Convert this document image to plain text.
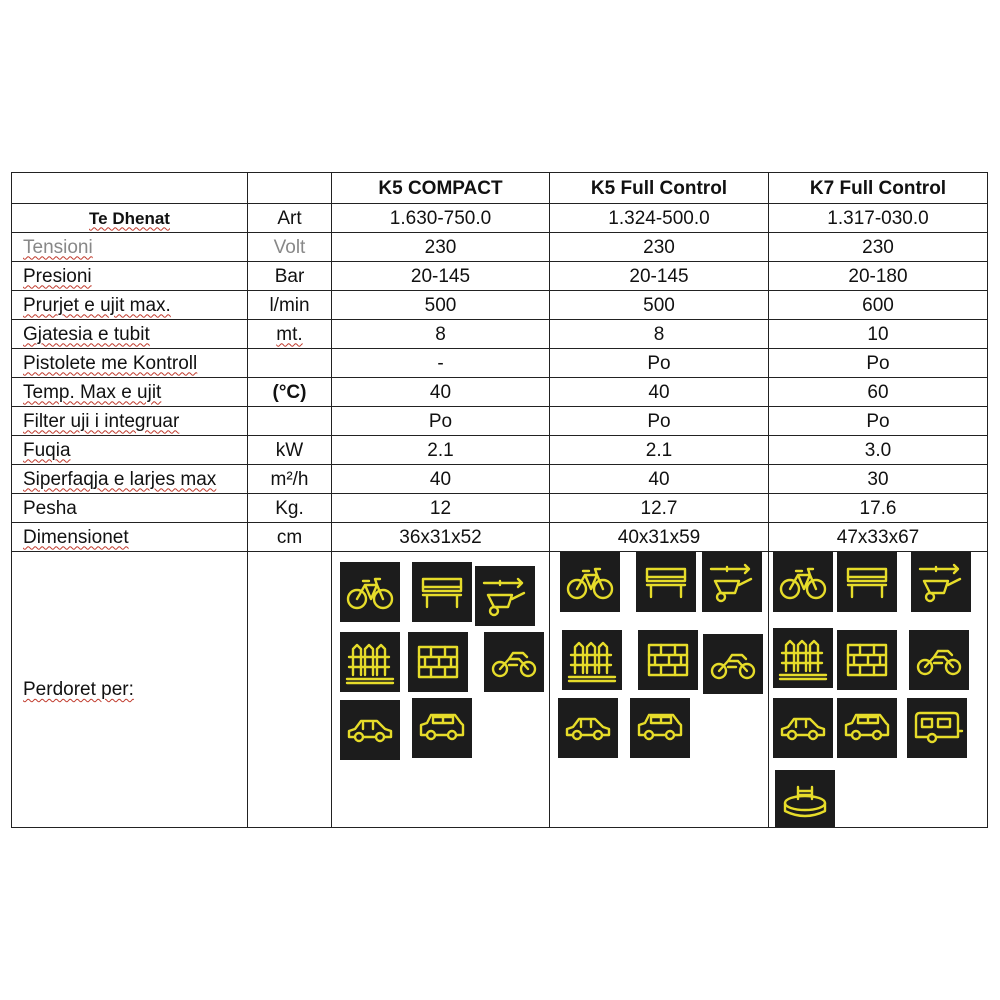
		K5 COMPACT	K5 Full Control	K7 Full Control
Te Dhenat	Art	1.630-750.0	1.324-500.0	1.317-030.0
Tensioni	Volt	230	230	230
Presioni	Bar	20-145	20-145	20-180
Prurjet e ujit max.	l/min	500	500	600
Gjatesia e tubit	mt.	8	8	10
Pistolete me Kontroll		-	Po	Po
Temp. Max e ujit	(°C)	40	40	60
Filter uji i integruar		Po	Po	Po
Fuqia	kW	2.1	2.1	3.0
Siperfaqja e larjes max	m²/h	40	40	30
Pesha	Kg.	12	12.7	17.6
Dimensionet	cm	36x31x52	40x31x59	47x33x67
Perdoret per:		
